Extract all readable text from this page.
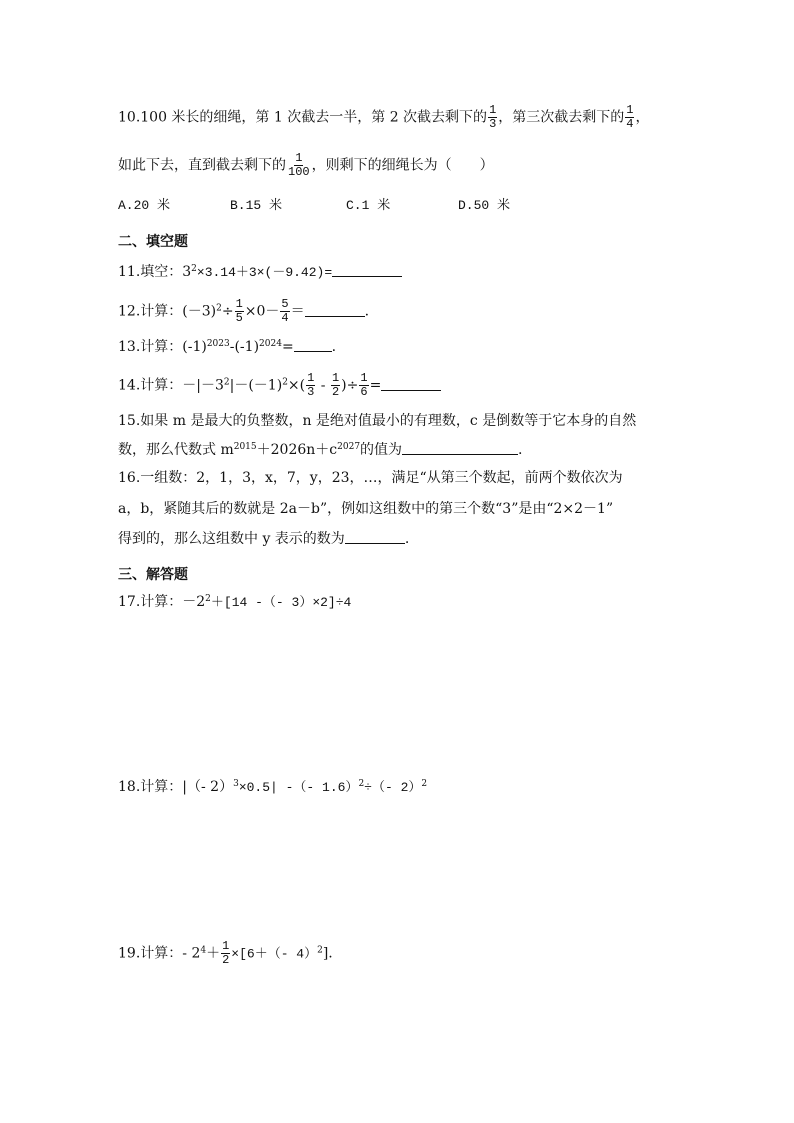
10.100 米长的细绳，第 1 次截去一半，第 2 次截去剩下的 $\frac{1}{3}$ ，第三次截去剩下的 $\frac{1}{4}$ ，
如此下去，直到截去剩下的 $\frac{1}{100}$ ，则剩下的细绳长为（　　）
A.20 米	B.15 米	C.1 米	D.50 米
二、填空题
11.填空：$3^2\times 3.14+3\times(-9.42)=$
12.计算：$(-3)^2\div \frac{1}{5} \times 0- \frac{5}{4}$ ＝	.
13.计算：$(-1)^{2023}-(-1)^{2024}=$	.
14.计算：$-|-3^2|-(-1)^2\times( \frac{1}{3} - \frac{1}{2}$ )÷ $\frac{1}{6}$ =
15.如果 m 是最大的负整数，n 是绝对值最小的有理数，c 是倒数等于它本身的自然
数，那么代数式 $m^{2015}+2026n+c^{2027}$的值为	.
16.一组数：2，1，3，x，7，y，23，…，满足“从第三个数起，前两个数依次为
a，b，紧随其后的数就是 2a－b”，例如这组数中的第三个数“3”是由“2×2－1”
得到的，那么这组数中 y 表示的数为	.
三、解答题
17.计算：$-2^2+[14$ -（- 3）×2]÷4
18.计算：|（- 2）$^3$×0.5| -（- 1.6）$^2$÷（- 2）$^2$
19.计算：- $2^4+ \frac{1}{2} \times[6+(-$ 4）$^2$].
